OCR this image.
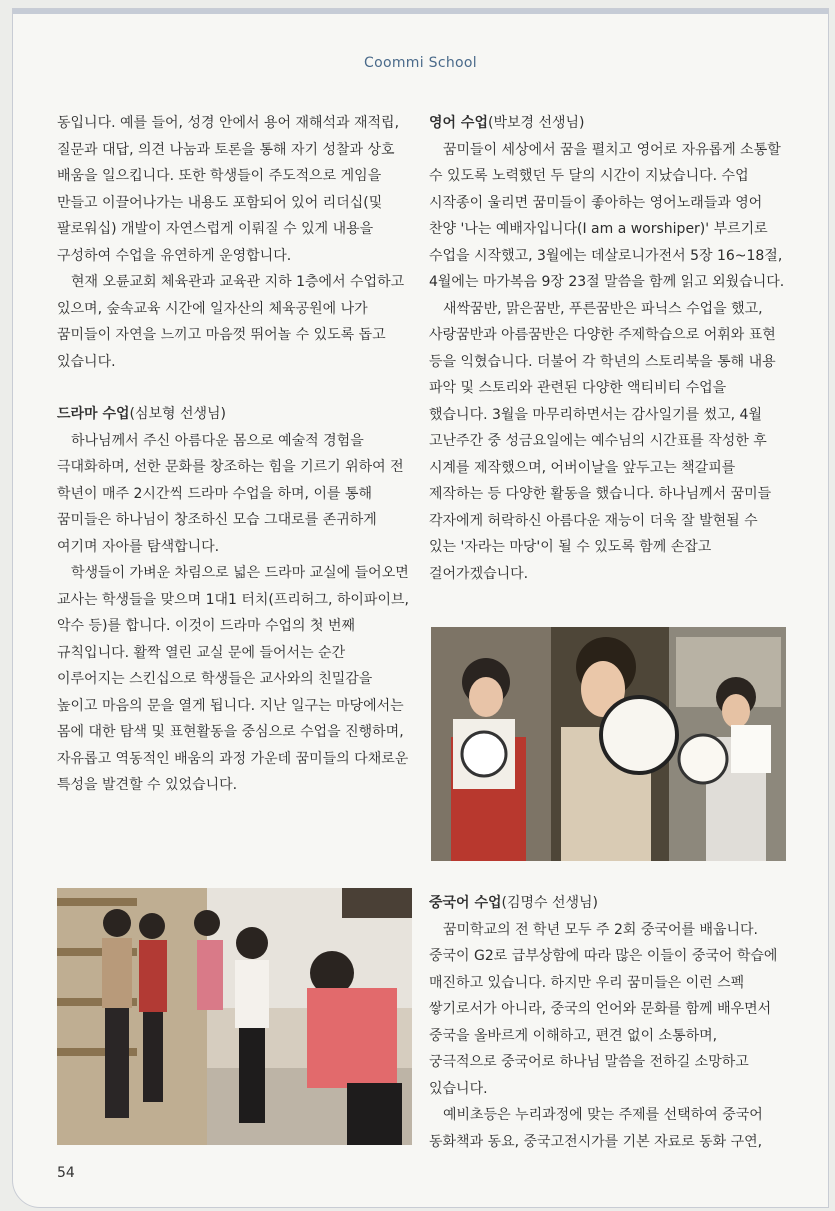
Coommi School

동입니다. 예를 들어, 성경 안에서 용어 재해석과 재적립, 질문과 대답, 의견 나눔과 토론을 통해 자기 성찰과 상호 배움을 일으킵니다. 또한 학생들이 주도적으로 게임을 만들고 이끌어나가는 내용도 포함되어 있어 리더십(및 팔로워십) 개발이 자연스럽게 이뤄질 수 있게 내용을 구성하여 수업을 유연하게 운영합니다.

현재 오륜교회 체육관과 교육관 지하 1층에서 수업하고 있으며, 숲속교육 시간에 일자산의 체육공원에 나가 꿈미들이 자연을 느끼고 마음껏 뛰어놀 수 있도록 돕고 있습니다.

드라마 수업(심보형 선생님)

하나님께서 주신 아름다운 몸으로 예술적 경험을 극대화하며, 선한 문화를 창조하는 힘을 기르기 위하여 전 학년이 매주 2시간씩 드라마 수업을 하며, 이를 통해 꿈미들은 하나님이 창조하신 모습 그대로를 존귀하게 여기며 자아를 탐색합니다.

학생들이 가벼운 차림으로 넓은 드라마 교실에 들어오면 교사는 학생들을 맞으며 1대1 터치(프리허그, 하이파이브, 악수 등)를 합니다. 이것이 드라마 수업의 첫 번째 규칙입니다. 활짝 열린 교실 문에 들어서는 순간 이루어지는 스킨십으로 학생들은 교사와의 친밀감을 높이고 마음의 문을 열게 됩니다. 지난 일구는 마당에서는 몸에 대한 탐색 및 표현활동을 중심으로 수업을 진행하며, 자유롭고 역동적인 배움의 과정 가운데 꿈미들의 다채로운 특성을 발견할 수 있었습니다.

영어 수업(박보경 선생님)

꿈미들이 세상에서 꿈을 펼치고 영어로 자유롭게 소통할 수 있도록 노력했던 두 달의 시간이 지났습니다. 수업 시작종이 울리면 꿈미들이 좋아하는 영어노래들과 영어 찬양 '나는 예배자입니다(I am a worshiper)' 부르기로 수업을 시작했고, 3월에는 데살로니가전서 5장 16~18절, 4월에는 마가복음 9장 23절 말씀을 함께 읽고 외웠습니다.

새싹꿈반, 맑은꿈반, 푸른꿈반은 파닉스 수업을 했고, 사랑꿈반과 아름꿈반은 다양한 주제학습으로 어휘와 표현 등을 익혔습니다. 더불어 각 학년의 스토리북을 통해 내용 파악 및 스토리와 관련된 다양한 액티비티 수업을 했습니다. 3월을 마무리하면서는 감사일기를 썼고, 4월 고난주간 중 성금요일에는 예수님의 시간표를 작성한 후 시계를 제작했으며, 어버이날을 앞두고는 책갈피를 제작하는 등 다양한 활동을 했습니다. 하나님께서 꿈미들 각자에게 허락하신 아름다운 재능이 더욱 잘 발현될 수 있는 '자라는 마당'이 될 수 있도록 함께 손잡고 걸어가겠습니다.

중국어 수업(김명수 선생님)

꿈미학교의 전 학년 모두 주 2회 중국어를 배웁니다. 중국이 G2로 급부상함에 따라 많은 이들이 중국어 학습에 매진하고 있습니다. 하지만 우리 꿈미들은 이런 스펙 쌓기로서가 아니라, 중국의 언어와 문화를 함께 배우면서 중국을 올바르게 이해하고, 편견 없이 소통하며, 궁극적으로 중국어로 하나님 말씀을 전하길 소망하고 있습니다.

예비초등은 누리과정에 맞는 주제를 선택하여 중국어 동화책과 동요, 중국고전시가를 기본 자료로 동화 구연,

54
